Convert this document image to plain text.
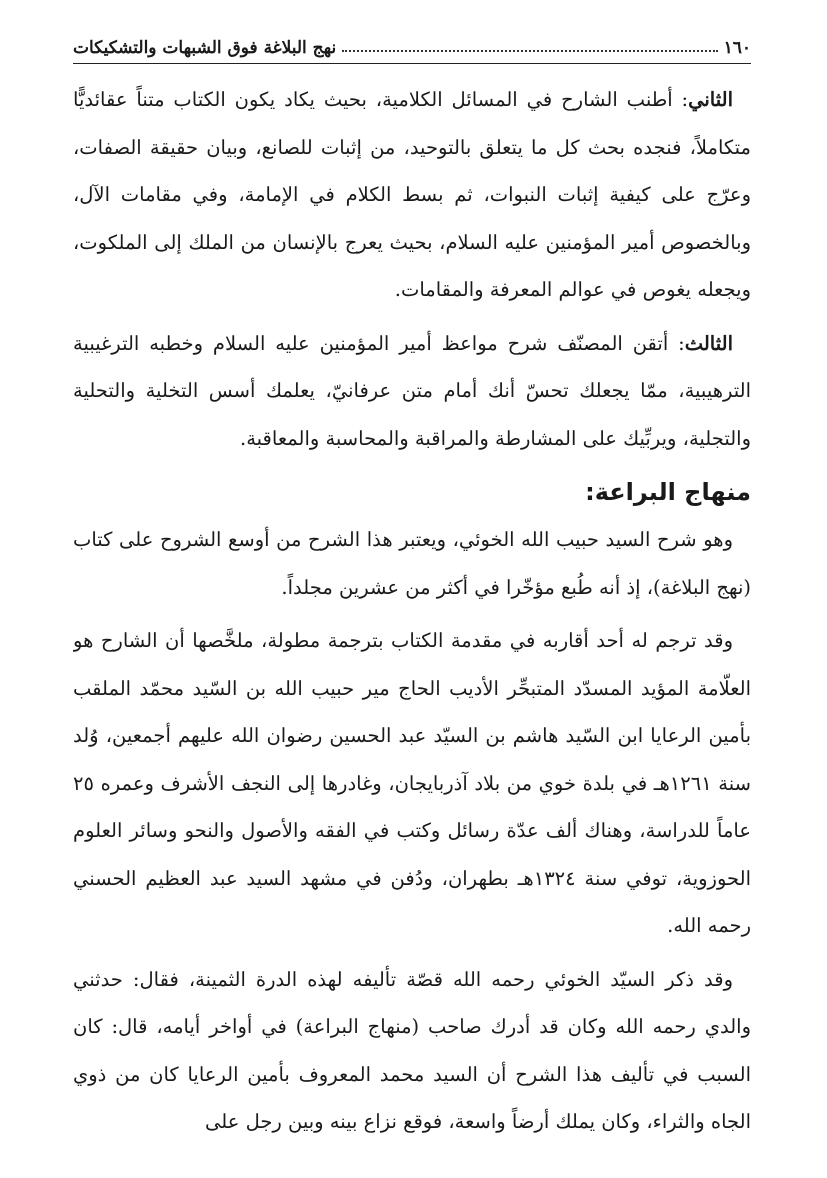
١٦٠
نهج البلاغة فوق الشبهات والتشكيكات

الثاني: أطنب الشارح في المسائل الكلامية، بحيث يكاد يكون الكتاب متناً عقائديًّا متكاملاً، فنجده بحث كل ما يتعلق بالتوحيد، من إثبات للصانع، وبيان حقيقة الصفات، وعرّج على كيفية إثبات النبوات، ثم بسط الكلام في الإمامة، وفي مقامات الآل، وبالخصوص أمير المؤمنين عليه السلام، بحيث يعرج بالإنسان من الملك إلى الملكوت، ويجعله يغوص في عوالم المعرفة والمقامات.

الثالث: أتقن المصنّف شرح مواعظ أمير المؤمنين عليه السلام وخطبه الترغيبية الترهيبية، ممّا يجعلك تحسّ أنك أمام متن عرفانيّ، يعلمك أسس التخلية والتحلية والتجلية، ويربِّيك على المشارطة والمراقبة والمحاسبة والمعاقبة.

منهاج البراعة:

وهو شرح السيد حبيب الله الخوئي، ويعتبر هذا الشرح من أوسع الشروح على كتاب (نهج البلاغة)، إذ أنه طُبع مؤخّرا في أكثر من عشرين مجلداً.

وقد ترجم له أحد أقاربه في مقدمة الكتاب بترجمة مطولة، ملخَّصها أن الشارح هو العلّامة المؤيد المسدّد المتبحِّر الأديب الحاج مير حبيب الله بن السّيد محمّد الملقب بأمين الرعايا ابن السّيد هاشم بن السيّد عبد الحسين رضوان الله عليهم أجمعين، وُلد سنة ١٢٦١هـ في بلدة خوي من بلاد آذربايجان، وغادرها إلى النجف الأشرف وعمره ٢٥ عاماً للدراسة، وهناك ألف عدّة رسائل وكتب في الفقه والأصول والنحو وسائر العلوم الحوزوية، توفي سنة ١٣٢٤هـ بطهران، ودُفن في مشهد السيد عبد العظيم الحسني رحمه الله.

وقد ذكر السيّد الخوئي رحمه الله قصّة تأليفه لهذه الدرة الثمينة، فقال: حدثني والدي رحمه الله وكان قد أدرك صاحب (منهاج البراعة) في أواخر أيامه، قال: كان السبب في تأليف هذا الشرح أن السيد محمد المعروف بأمين الرعايا كان من ذوي الجاه والثراء، وكان يملك أرضاً واسعة، فوقع نزاع بينه وبين رجل على
